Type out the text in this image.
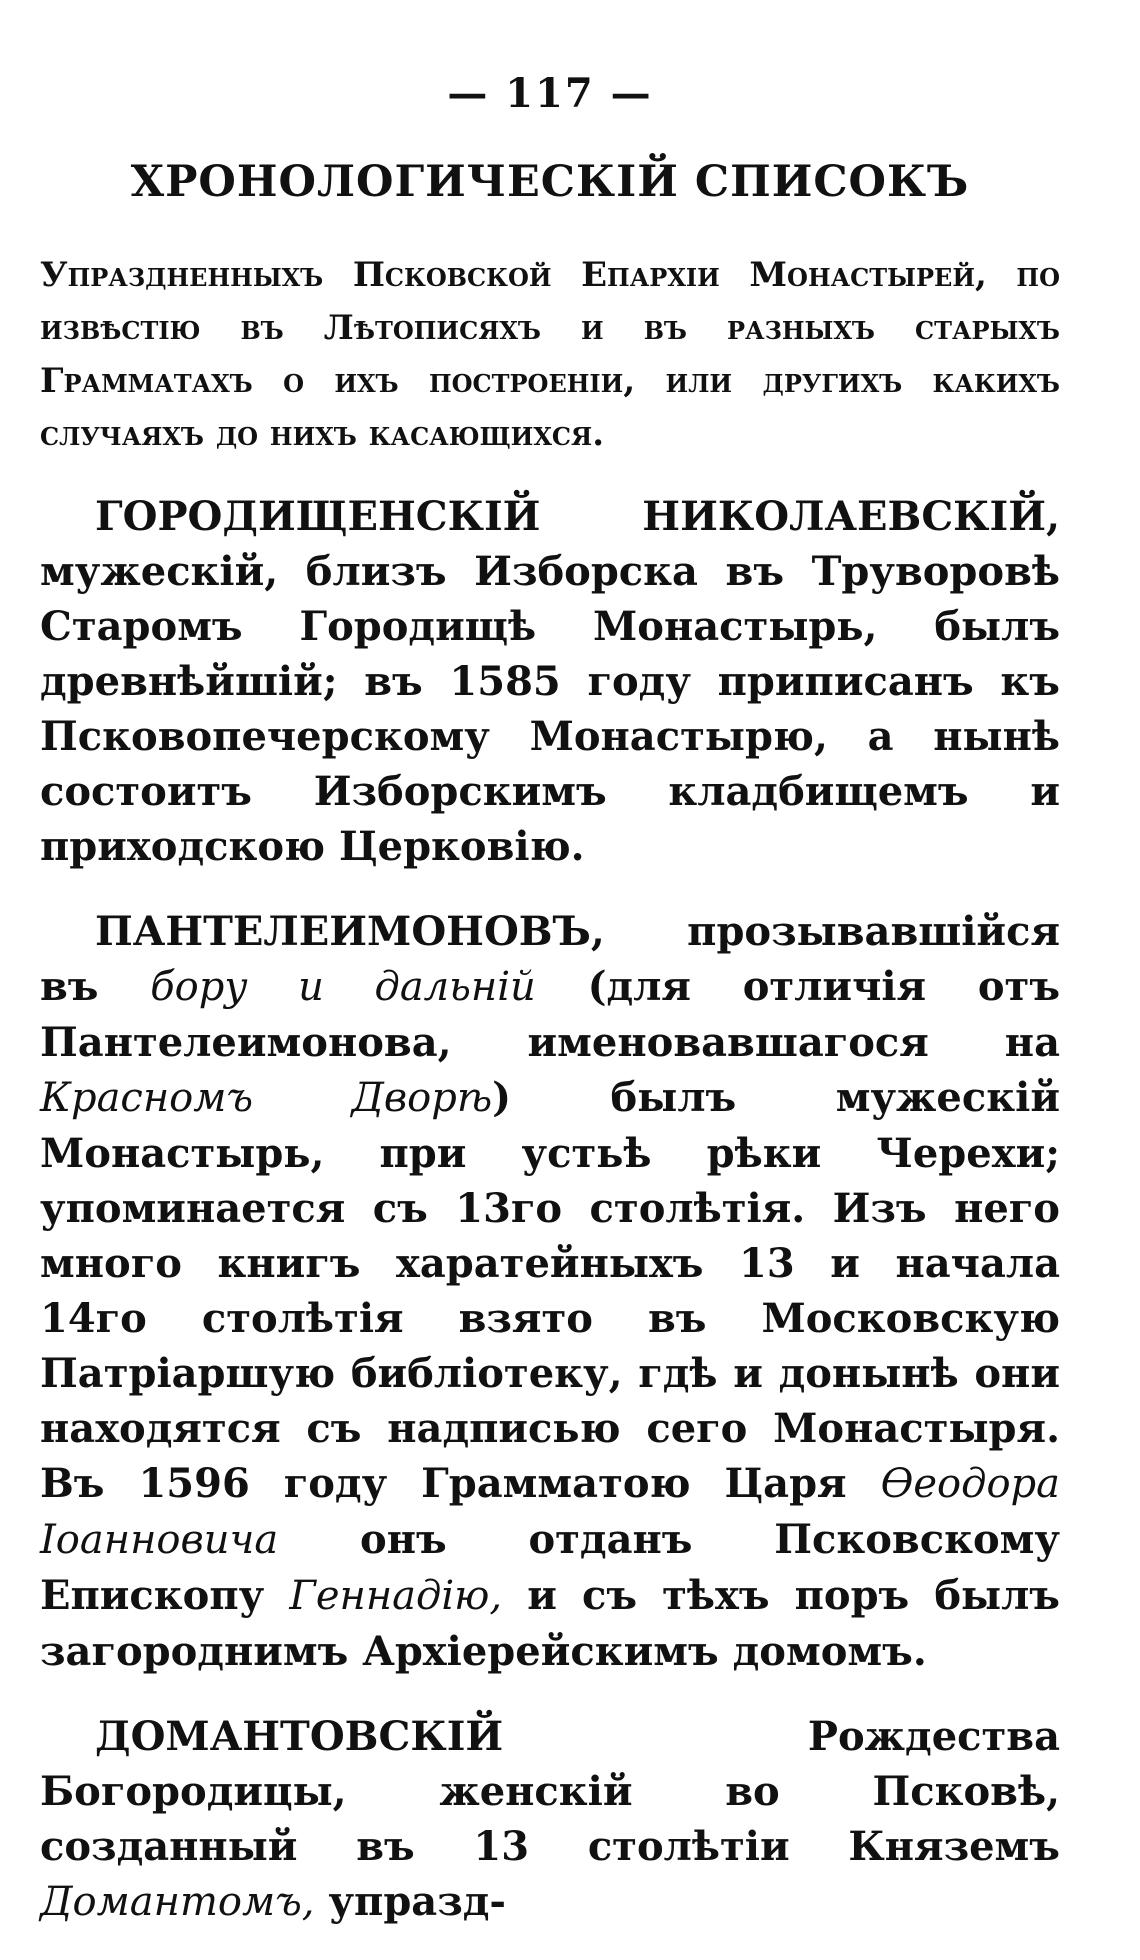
— 117 —
ХРОНОЛОГИЧЕСКІЙ СПИСОКЪ

Упраздненныхъ Псковской Епархіи Монастырей, по извѣстію въ Лѣтописяхъ и въ разныхъ старыхъ Грамматахъ о ихъ построеніи, или другихъ какихъ случаяхъ до нихъ касающихся.

ГОРОДИЩЕНСКІЙ НИКОЛАЕВСКІЙ, мужескій, близъ Изборска въ Труворовѣ Старомъ Городищѣ Монастырь, былъ древнѣйшій; въ 1585 году приписанъ къ Псковопечерскому Монастырю, а нынѣ состоитъ Изборскимъ кладбищемъ и приходскою Церковію.

ПАНТЕЛЕИМОНОВЪ, прозывавшійся въ бору и дальній (для отличія отъ Пантелеимонова, именовавшагося на Красномъ Дворѣ) былъ мужескій Монастырь, при устьѣ рѣки Черехи; упоминается съ 13го столѣтія. Изъ него много книгъ харатейныхъ 13 и начала 14го столѣтія взято въ Московскую Патріаршую библіотеку, гдѣ и донынѣ они находятся съ надписью сего Монастыря. Въ 1596 году Грамматою Царя Ѳеодора Іоанновича онъ отданъ Псковскому Епископу Геннадію, и съ тѣхъ поръ былъ загороднимъ Архіерейскимъ домомъ.

ДОМАНТОВСКІЙ Рождества Богородицы, женскій во Псковѣ, созданный въ 13 столѣтіи Княземъ Домантомъ, упразд-
